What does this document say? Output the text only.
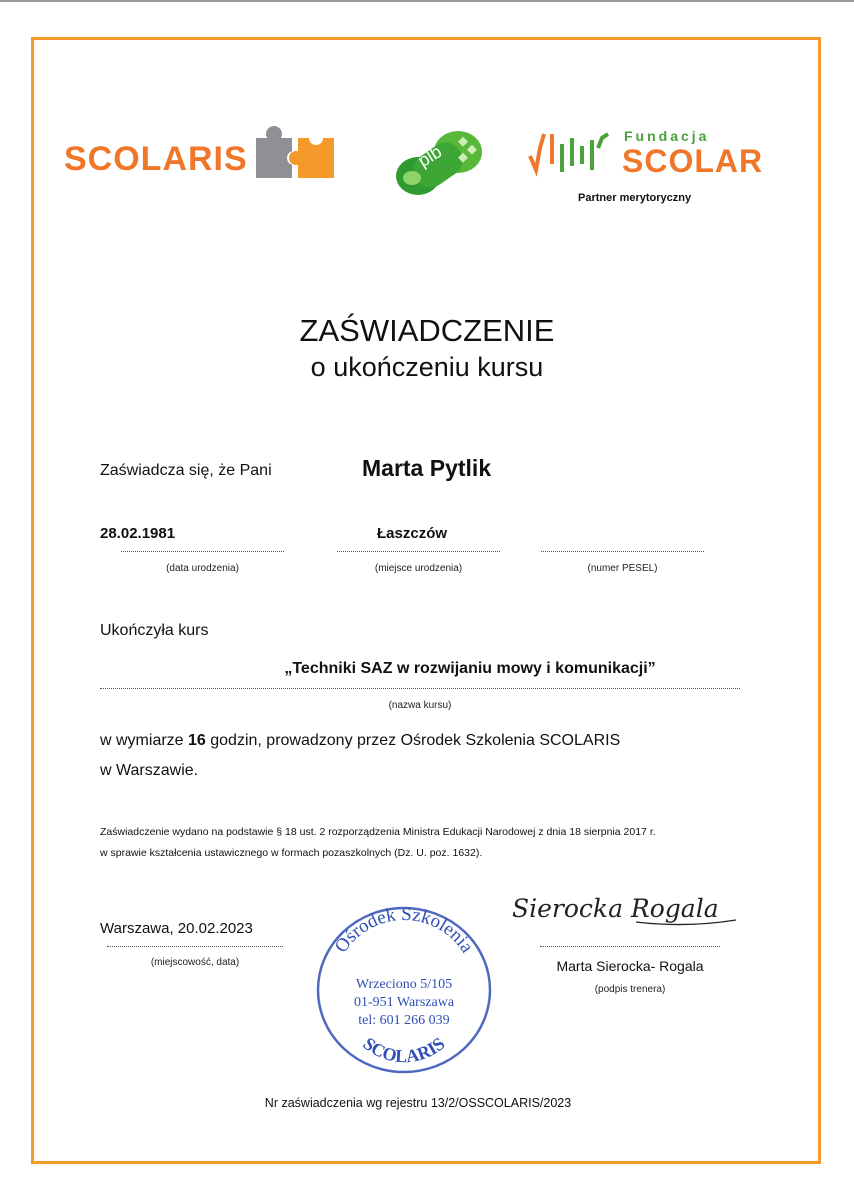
SCOLARIS	plb
Fundacja
SCOLAR
Partner merytoryczny
ZAŚWIADCZENIE
o ukończeniu kursu
Zaświadcza się, że Pani	Marta Pytlik
28.02.1981	Łaszczów
(data urodzenia)	(miejsce urodzenia)	(numer PESEL)
Ukończyła kurs
„Techniki SAZ w rozwijaniu mowy i komunikacji”
(nazwa kursu)
w wymiarze 16 godzin, prowadzony przez Ośrodek Szkolenia SCOLARIS
w Warszawie.
Zaświadczenie wydano na podstawie § 18 ust. 2 rozporządzenia Ministra Edukacji Narodowej z dnia 18 sierpnia 2017 r.
w sprawie kształcenia ustawicznego w formach pozaszkolnych (Dz. U. poz. 1632).
Warszawa, 20.02.2023
(miejscowość, data)
Ośrodek Szkolenia
Wrzeciono 5/105
01-951 Warszawa
tel: 601 266 039
SCOLARIS
Sierocka Rogala
Marta Sierocka- Rogala
(podpis trenera)
Nr zaświadczenia wg rejestru 13/2/OSSCOLARIS/2023
